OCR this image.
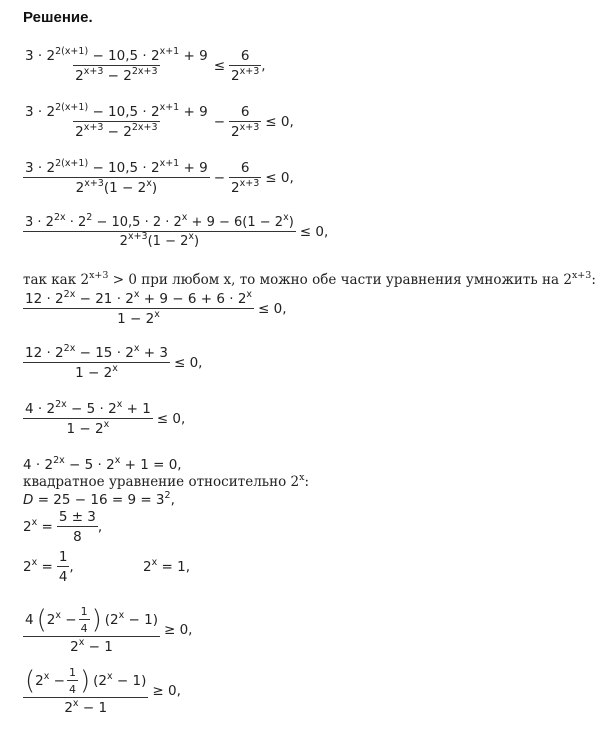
Решение.
$\frac{3 \cdot 2^{2(x+1)} - 10,5 \cdot 2^{x+1} + 9}{2^{x+3} - 2^{2x+3}} \le \frac{6}{2^{x+3}}$ ,
$\frac{3 \cdot 2^{2(x+1)} - 10,5 \cdot 2^{x+1} + 9}{2^{x+3} - 2^{2x+3}} - \frac{6}{2^{x+3}} \le 0$,
$\frac{3 \cdot 2^{2(x+1)} - 10,5 \cdot 2^{x+1} + 9}{2^{x+3}(1 - 2^x)} - \frac{6}{2^{x+3}} \le 0$,
$\frac{3 \cdot 2^{2x} \cdot 2^2 - 10,5 \cdot 2 \cdot 2^x + 9 - 6(1 - 2^x)}{2^{x+3}(1 - 2^x)} \le 0$,
так как $2^{x+3} > 0$ при любом x, то можно обе части уравнения умножить на $2^{x+3}$:
$\frac{12 \cdot 2^{2x} - 21 \cdot 2^x + 9 - 6 + 6 \cdot 2^x}{1 - 2^x} \le 0$,
$\frac{12 \cdot 2^{2x} - 15 \cdot 2^x + 3}{1 - 2^x} \le 0$,
$\frac{4 \cdot 2^{2x} - 5 \cdot 2^x + 1}{1 - 2^x} \le 0$,
$4 \cdot 2^{2x} - 5 \cdot 2^x + 1 = 0$,
квадратное уравнение относительно 2$^x$:
$D = 25 - 16 = 9 = 3^2$,
$2^x = \frac{5 \pm 3}{8}$ ,
$2^x = \frac{1}{4}$ ,	$2^x = 1$,
$\frac{4 ( 2^x - \frac{1}{4} ) (2^x - 1)}{2^x - 1} \ge 0$,
$\frac{( 2^x - \frac{1}{4} ) (2^x - 1)}{2^x - 1} \ge 0$,
